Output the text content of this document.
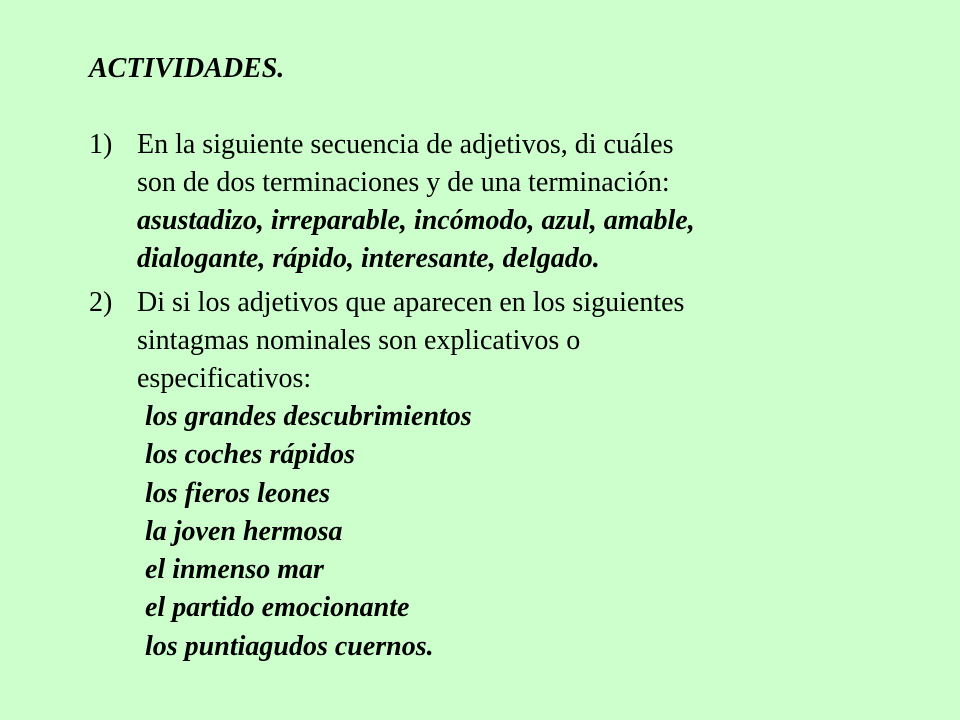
ACTIVIDADES.
1) En la siguiente secuencia de adjetivos, di cuáles
son de dos terminaciones y de una terminación:
asustadizo, irreparable, incómodo, azul, amable,
dialogante, rápido, interesante, delgado.
2) Di si los adjetivos que aparecen en los siguientes
sintagmas nominales son explicativos o
especificativos:
los grandes descubrimientos
los coches rápidos
los fieros leones
la joven hermosa
el inmenso mar
el partido emocionante
los puntiagudos cuernos.
